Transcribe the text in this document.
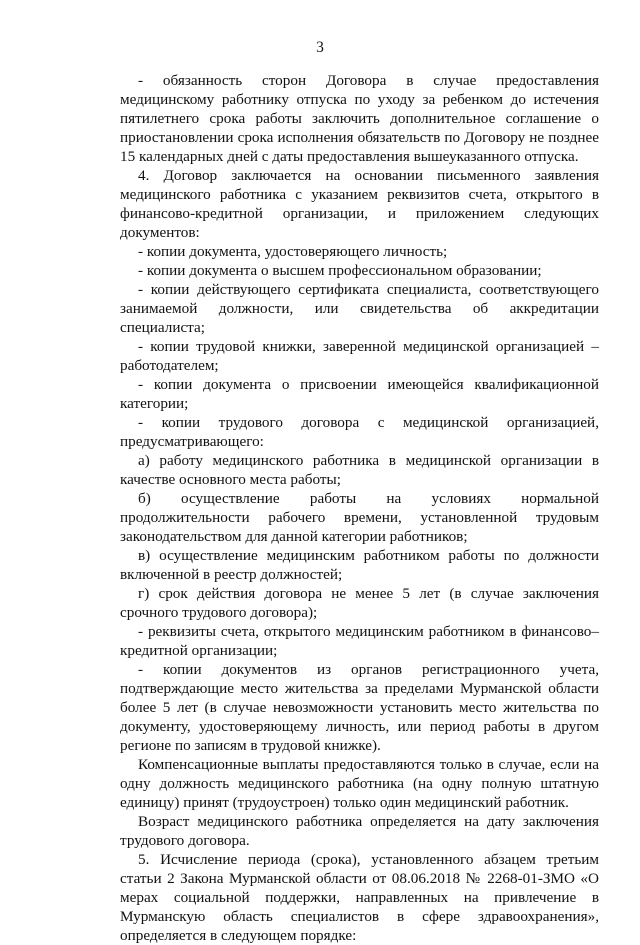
3

- обязанность сторон Договора в случае предоставления медицинскому работнику отпуска по уходу за ребенком до истечения пятилетнего срока работы заключить дополнительное соглашение о приостановлении срока исполнения обязательств по Договору не позднее 15 календарных дней с даты предоставления вышеуказанного отпуска.

4. Договор заключается на основании письменного заявления медицинского работника с указанием реквизитов счета, открытого в финансово-кредитной организации, и приложением следующих документов:

- копии документа, удостоверяющего личность;

- копии документа о высшем профессиональном образовании;

- копии действующего сертификата специалиста, соответствующего занимаемой должности, или свидетельства об аккредитации специалиста;

- копии трудовой книжки, заверенной медицинской организацией – работодателем;

- копии документа о присвоении имеющейся квалификационной категории;

- копии трудового договора с медицинской организацией, предусматривающего:

а) работу медицинского работника в медицинской организации в качестве основного места работы;

б) осуществление работы на условиях нормальной продолжительности рабочего времени, установленной трудовым законодательством для данной категории работников;

в) осуществление медицинским работником работы по должности включенной в реестр должностей;

г) срок действия договора не менее 5 лет (в случае заключения срочного трудового договора);

- реквизиты счета, открытого медицинским работником в финансово–кредитной организации;

- копии документов из органов регистрационного учета, подтверждающие место жительства за пределами Мурманской области более 5 лет (в случае невозможности установить место жительства по документу, удостоверяющему личность, или период работы в другом регионе по записям в трудовой книжке).

Компенсационные выплаты предоставляются только в случае, если на одну должность медицинского работника (на одну полную штатную единицу) принят (трудоустроен) только один медицинский работник.

Возраст медицинского работника определяется на дату заключения трудового договора.

5. Исчисление периода (срока), установленного абзацем третьим статьи 2 Закона Мурманской области от 08.06.2018 № 2268-01-ЗМО «О мерах социальной поддержки, направленных на привлечение в Мурманскую область специалистов в сфере здравоохранения», определяется в следующем порядке:
